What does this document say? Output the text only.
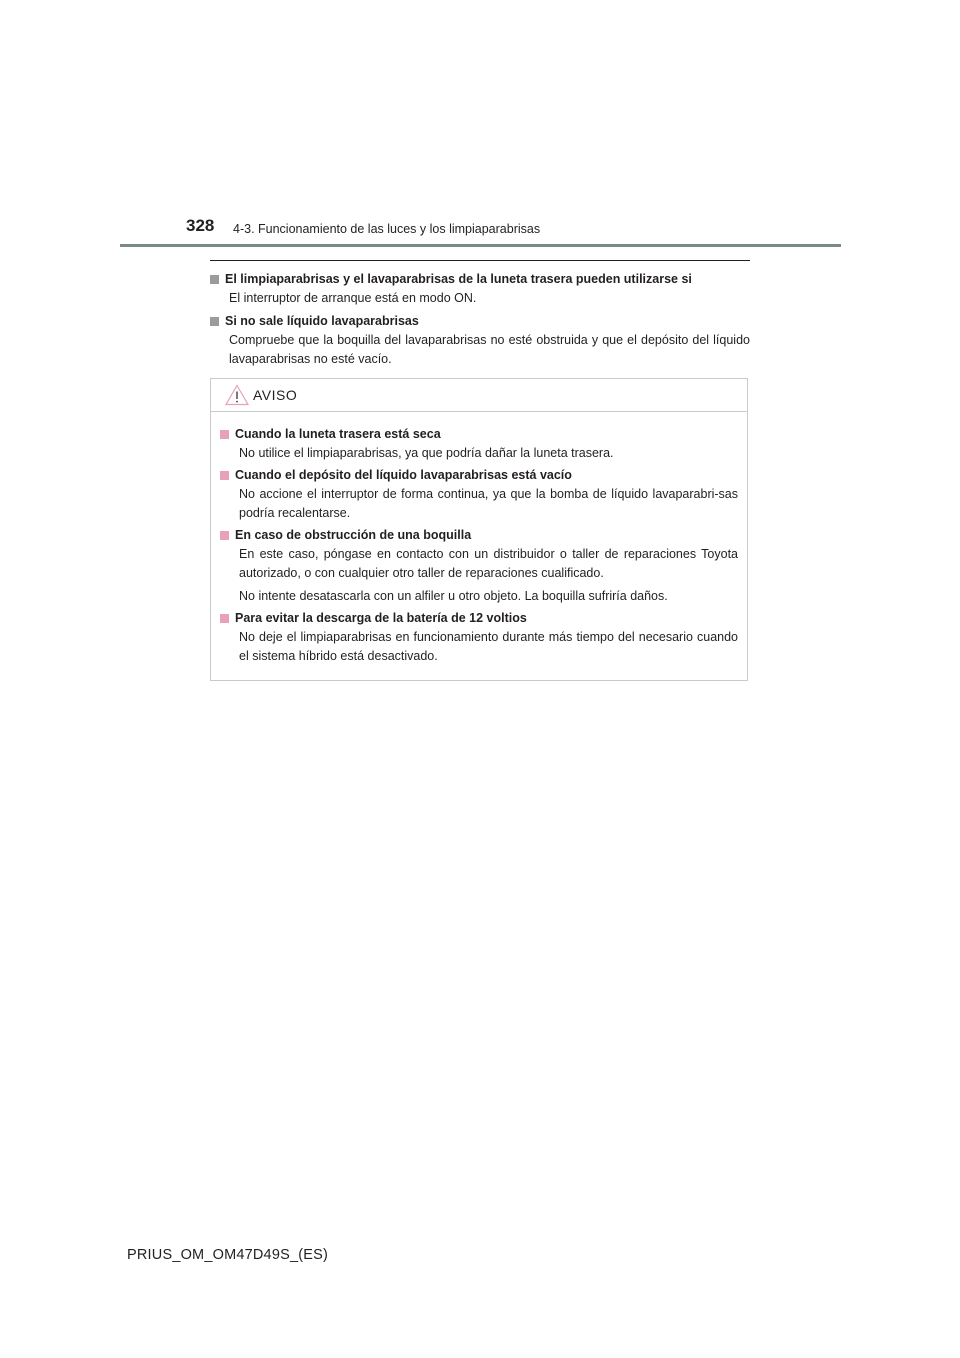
328 4-3. Funcionamiento de las luces y los limpiaparabrisas
El limpiaparabrisas y el lavaparabrisas de la luneta trasera pueden utilizarse si
El interruptor de arranque está en modo ON.
Si no sale líquido lavaparabrisas
Compruebe que la boquilla del lavaparabrisas no esté obstruida y que el depósito del líquido lavaparabrisas no esté vacío.
AVISO
Cuando la luneta trasera está seca
No utilice el limpiaparabrisas, ya que podría dañar la luneta trasera.
Cuando el depósito del líquido lavaparabrisas está vacío
No accione el interruptor de forma continua, ya que la bomba de líquido lavaparabri-sas podría recalentarse.
En caso de obstrucción de una boquilla
En este caso, póngase en contacto con un distribuidor o taller de reparaciones Toyota autorizado, o con cualquier otro taller de reparaciones cualificado.
No intente desatascarla con un alfiler u otro objeto. La boquilla sufriría daños.
Para evitar la descarga de la batería de 12 voltios
No deje el limpiaparabrisas en funcionamiento durante más tiempo del necesario cuando el sistema híbrido está desactivado.
PRIUS_OM_OM47D49S_(ES)
